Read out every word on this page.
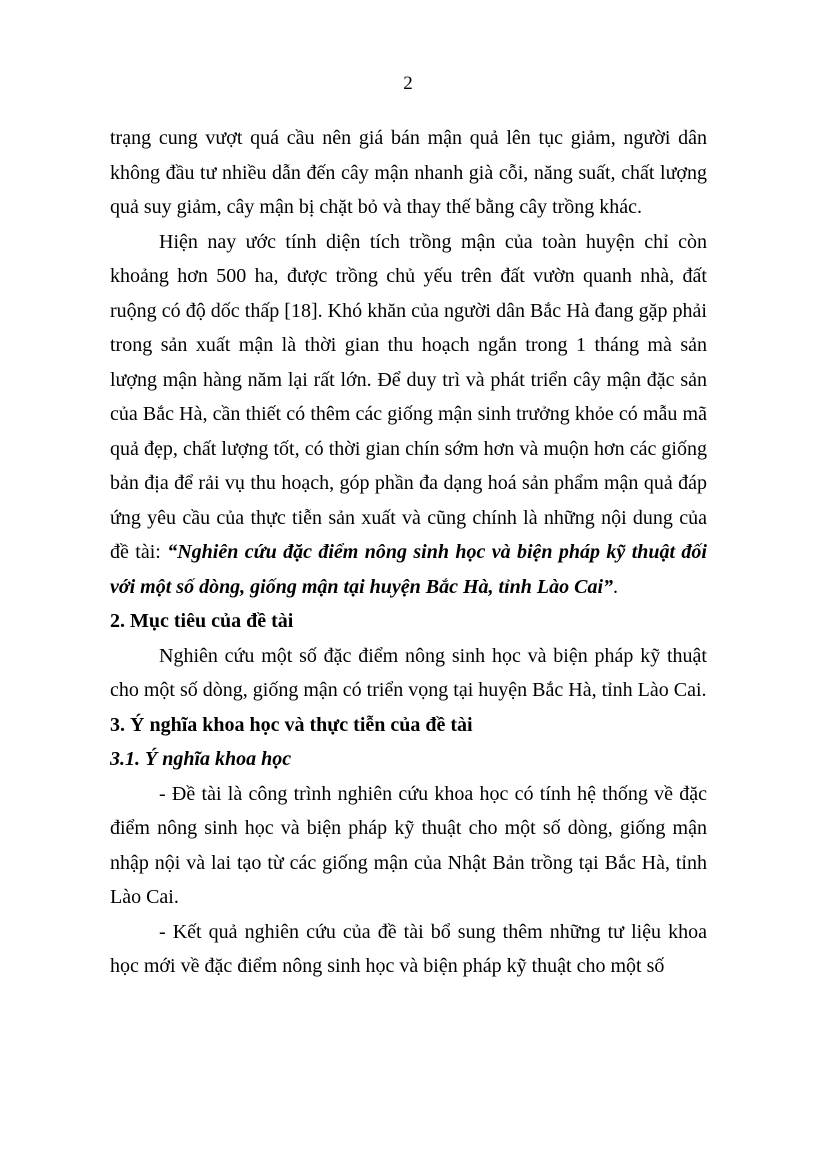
2

trạng cung vượt quá cầu nên giá bán mận quả lên tục giảm, người dân không đầu tư nhiều dẫn đến cây mận nhanh già cỗi, năng suất, chất lượng quả suy giảm, cây mận bị chặt bỏ và thay thế bằng cây trồng khác.

Hiện nay ước tính diện tích trồng mận của toàn huyện chỉ còn khoảng hơn 500 ha, được trồng chủ yếu trên đất vườn quanh nhà, đất ruộng có độ dốc thấp [18]. Khó khăn của người dân Bắc Hà đang gặp phải trong sản xuất mận là thời gian thu hoạch ngắn trong 1 tháng mà sản lượng mận hàng năm lại rất lớn. Để duy trì và phát triển cây mận đặc sản của Bắc Hà, cần thiết có thêm các giống mận sinh trưởng khỏe có mẫu mã quả đẹp, chất lượng tốt, có thời gian chín sớm hơn và muộn hơn các giống bản địa để rải vụ thu hoạch, góp phần đa dạng hoá sản phẩm mận quả đáp ứng yêu cầu của thực tiễn sản xuất và cũng chính là những nội dung của đề tài: “Nghiên cứu đặc điểm nông sinh học và biện pháp kỹ thuật đối với một số dòng, giống mận tại huyện Bắc Hà, tỉnh Lào Cai”.

2. Mục tiêu của đề tài

Nghiên cứu một số đặc điểm nông sinh học và biện pháp kỹ thuật cho một số dòng, giống mận có triển vọng tại huyện Bắc Hà, tỉnh Lào Cai.

3. Ý nghĩa khoa học và thực tiễn của đề tài

3.1. Ý nghĩa khoa học

- Đề tài là công trình nghiên cứu khoa học có tính hệ thống về đặc điểm nông sinh học và biện pháp kỹ thuật cho một số dòng, giống mận nhập nội và lai tạo từ các giống mận của Nhật Bản trồng tại Bắc Hà, tỉnh Lào Cai.

- Kết quả nghiên cứu của đề tài bổ sung thêm những tư liệu khoa học mới về đặc điểm nông sinh học và biện pháp kỹ thuật cho một số
